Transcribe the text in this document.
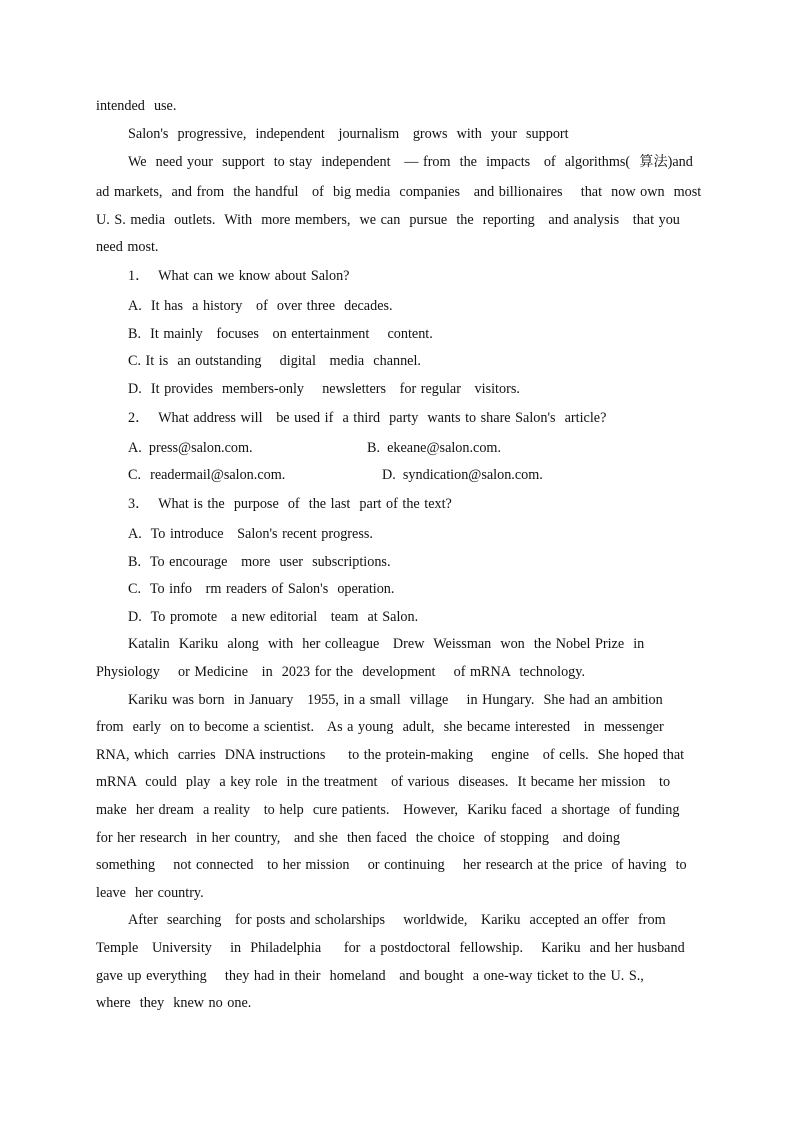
intended  use.
Salon's  progressive,  independent   journalism   grows  with  your  support
We  need your  support  to stay  independent   — from  the  impacts   of  algorithms(  算法)and
ad markets,  and from  the handful   of  big media  companies   and billionaires    that  now own  most
U. S. media  outlets.  With  more members,  we can  pursue  the  reporting   and analysis   that you
need most.
1．  What can we know about Salon?
A.  It has  a history   of  over three  decades.
B.  It mainly   focuses   on entertainment    content.
C. It is  an outstanding    digital   media  channel.
D.  It provides  members-only    newsletters   for regular   visitors.
2．  What address will   be used if  a third  party  wants to share Salon's  article?
A.  press@salon.com.	B.  ekeane@salon.com.
C.  readermail@salon.com.	D.  syndication@salon.com.
3．  What is the  purpose  of  the last  part of the text?
A.  To introduce   Salon's recent progress.
B.  To encourage   more  user  subscriptions.
C.  To info   rm readers of Salon's  operation.
D.  To promote   a new editorial   team  at Salon.
Katalin  Kariku  along  with  her colleague   Drew  Weissman  won  the Nobel Prize  in
Physiology    or Medicine   in  2023 for the  development    of mRNA  technology.
Kariku was born  in January   1955, in a small  village    in Hungary.  She had an ambition
from  early  on to become a scientist.   As a young  adult,  she became interested   in  messenger
RNA, which  carries  DNA instructions     to the protein-making    engine   of cells.  She hoped that
mRNA  could  play  a key role  in the treatment   of various  diseases.  It became her mission   to
make  her dream  a reality   to help  cure patients.   However,  Kariku faced  a shortage  of funding
for her research  in her country,   and she  then faced  the choice  of stopping   and doing
something    not connected   to her mission    or continuing    her research at the price  of having  to
leave  her country.
After  searching   for posts and scholarships    worldwide,   Kariku  accepted an offer  from
Temple   University    in  Philadelphia     for  a postdoctoral  fellowship.    Kariku  and her husband
gave up everything    they had in their  homeland   and bought  a one-way ticket to the U. S.,
where  they  knew no one.
